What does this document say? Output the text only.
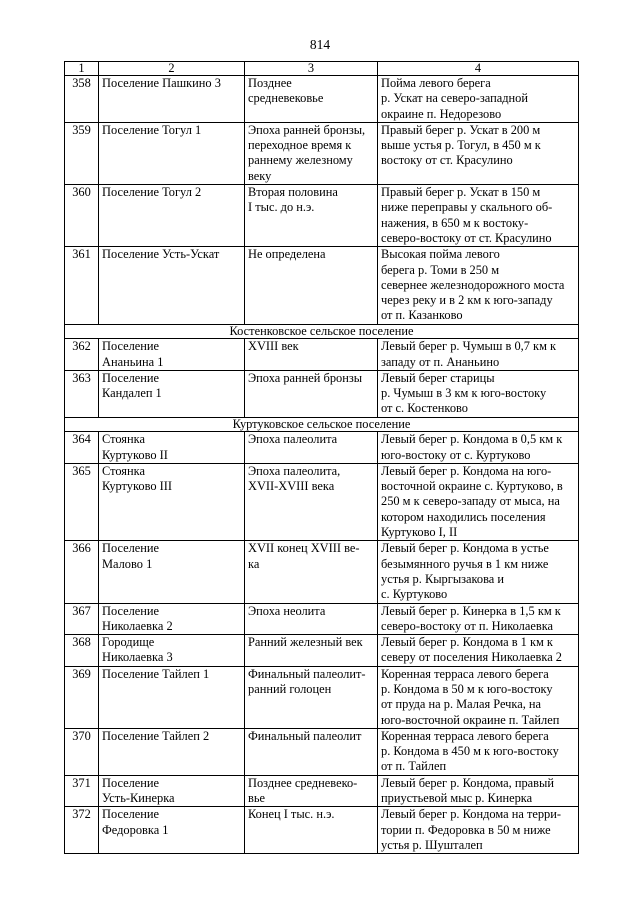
814
1	2	3	4
358	Поселение Пашкино 3	Позднее
средневековье	Пойма левого берега
р. Ускат на северо-западной
окраине п. Недорезово

359	Поселение Тогул 1	Эпоха ранней бронзы,
переходное время к
раннему железному
веку	Правый берег р. Ускат в 200 м
выше устья р. Тогул, в 450 м к
востоку от ст. Красулино

360	Поселение Тогул 2	Вторая половина
I тыс. до н.э.	Правый берег р. Ускат в 150 м
ниже переправы у скального об-
нажения, в 650 м к востоку-
северо-востоку от ст. Красулино

361	Поселение Усть-Ускат	Не определена	Высокая пойма левого
берега р. Томи в 250 м
севернее железнодорожного моста
через реку и в 2 км к юго-западу
от п. Казанково

Костенковское сельское поселение			
362	Поселение
Ананьина 1	XVIII век	Левый берег р. Чумыш в 0,7 км к
западу от п. Ананьино

363	Поселение
Кандалеп 1	Эпоха ранней бронзы	Левый берег старицы
р. Чумыш в 3 км к юго-востоку
от с. Костенково

Куртуковское сельское поселение			
364	Стоянка
Куртуково II	Эпоха палеолита	Левый берег р. Кондома в 0,5 км к
юго-востоку от с. Куртуково

365	Стоянка
Куртуково III	Эпоха палеолита,
XVII-XVIII века	Левый берег р. Кондома на юго-
восточной окраине с. Куртуково, в
250 м к северо-западу от мыса, на
котором находились поселения
Куртуково I, II

366	Поселение
Малово 1	XVII конец XVIII ве-
ка	Левый берег р. Кондома в устье
безымянного ручья в 1 км ниже
устья р. Кыргызакова и
с. Куртуково

367	Поселение
Николаевка 2	Эпоха неолита	Левый берег р. Кинерка в 1,5 км к
северо-востоку от п. Николаевка

368	Городище
Николаевка 3	Ранний железный век	Левый берег р. Кондома в 1 км к
северу от поселения Николаевка 2

369	Поселение Тайлеп 1	Финальный палеолит-
ранний голоцен	Коренная терраса левого берега
р. Кондома в 50 м к юго-востоку
от пруда на р. Малая Речка, на
юго-восточной окраине п. Тайлеп

370	Поселение Тайлеп 2	Финальный палеолит	Коренная терраса левого берега
р. Кондома в 450 м к юго-востоку
от п. Тайлеп

371	Поселение
Усть-Кинерка	Позднее средневеко-
вье	Левый берег р. Кондома, правый
приустьевой мыс р. Кинерка

372	Поселение
Федоровка 1	Конец I тыс. н.э.	Левый берег р. Кондома на терри-
тории п. Федоровка в 50 м ниже
устья р. Шушталеп
